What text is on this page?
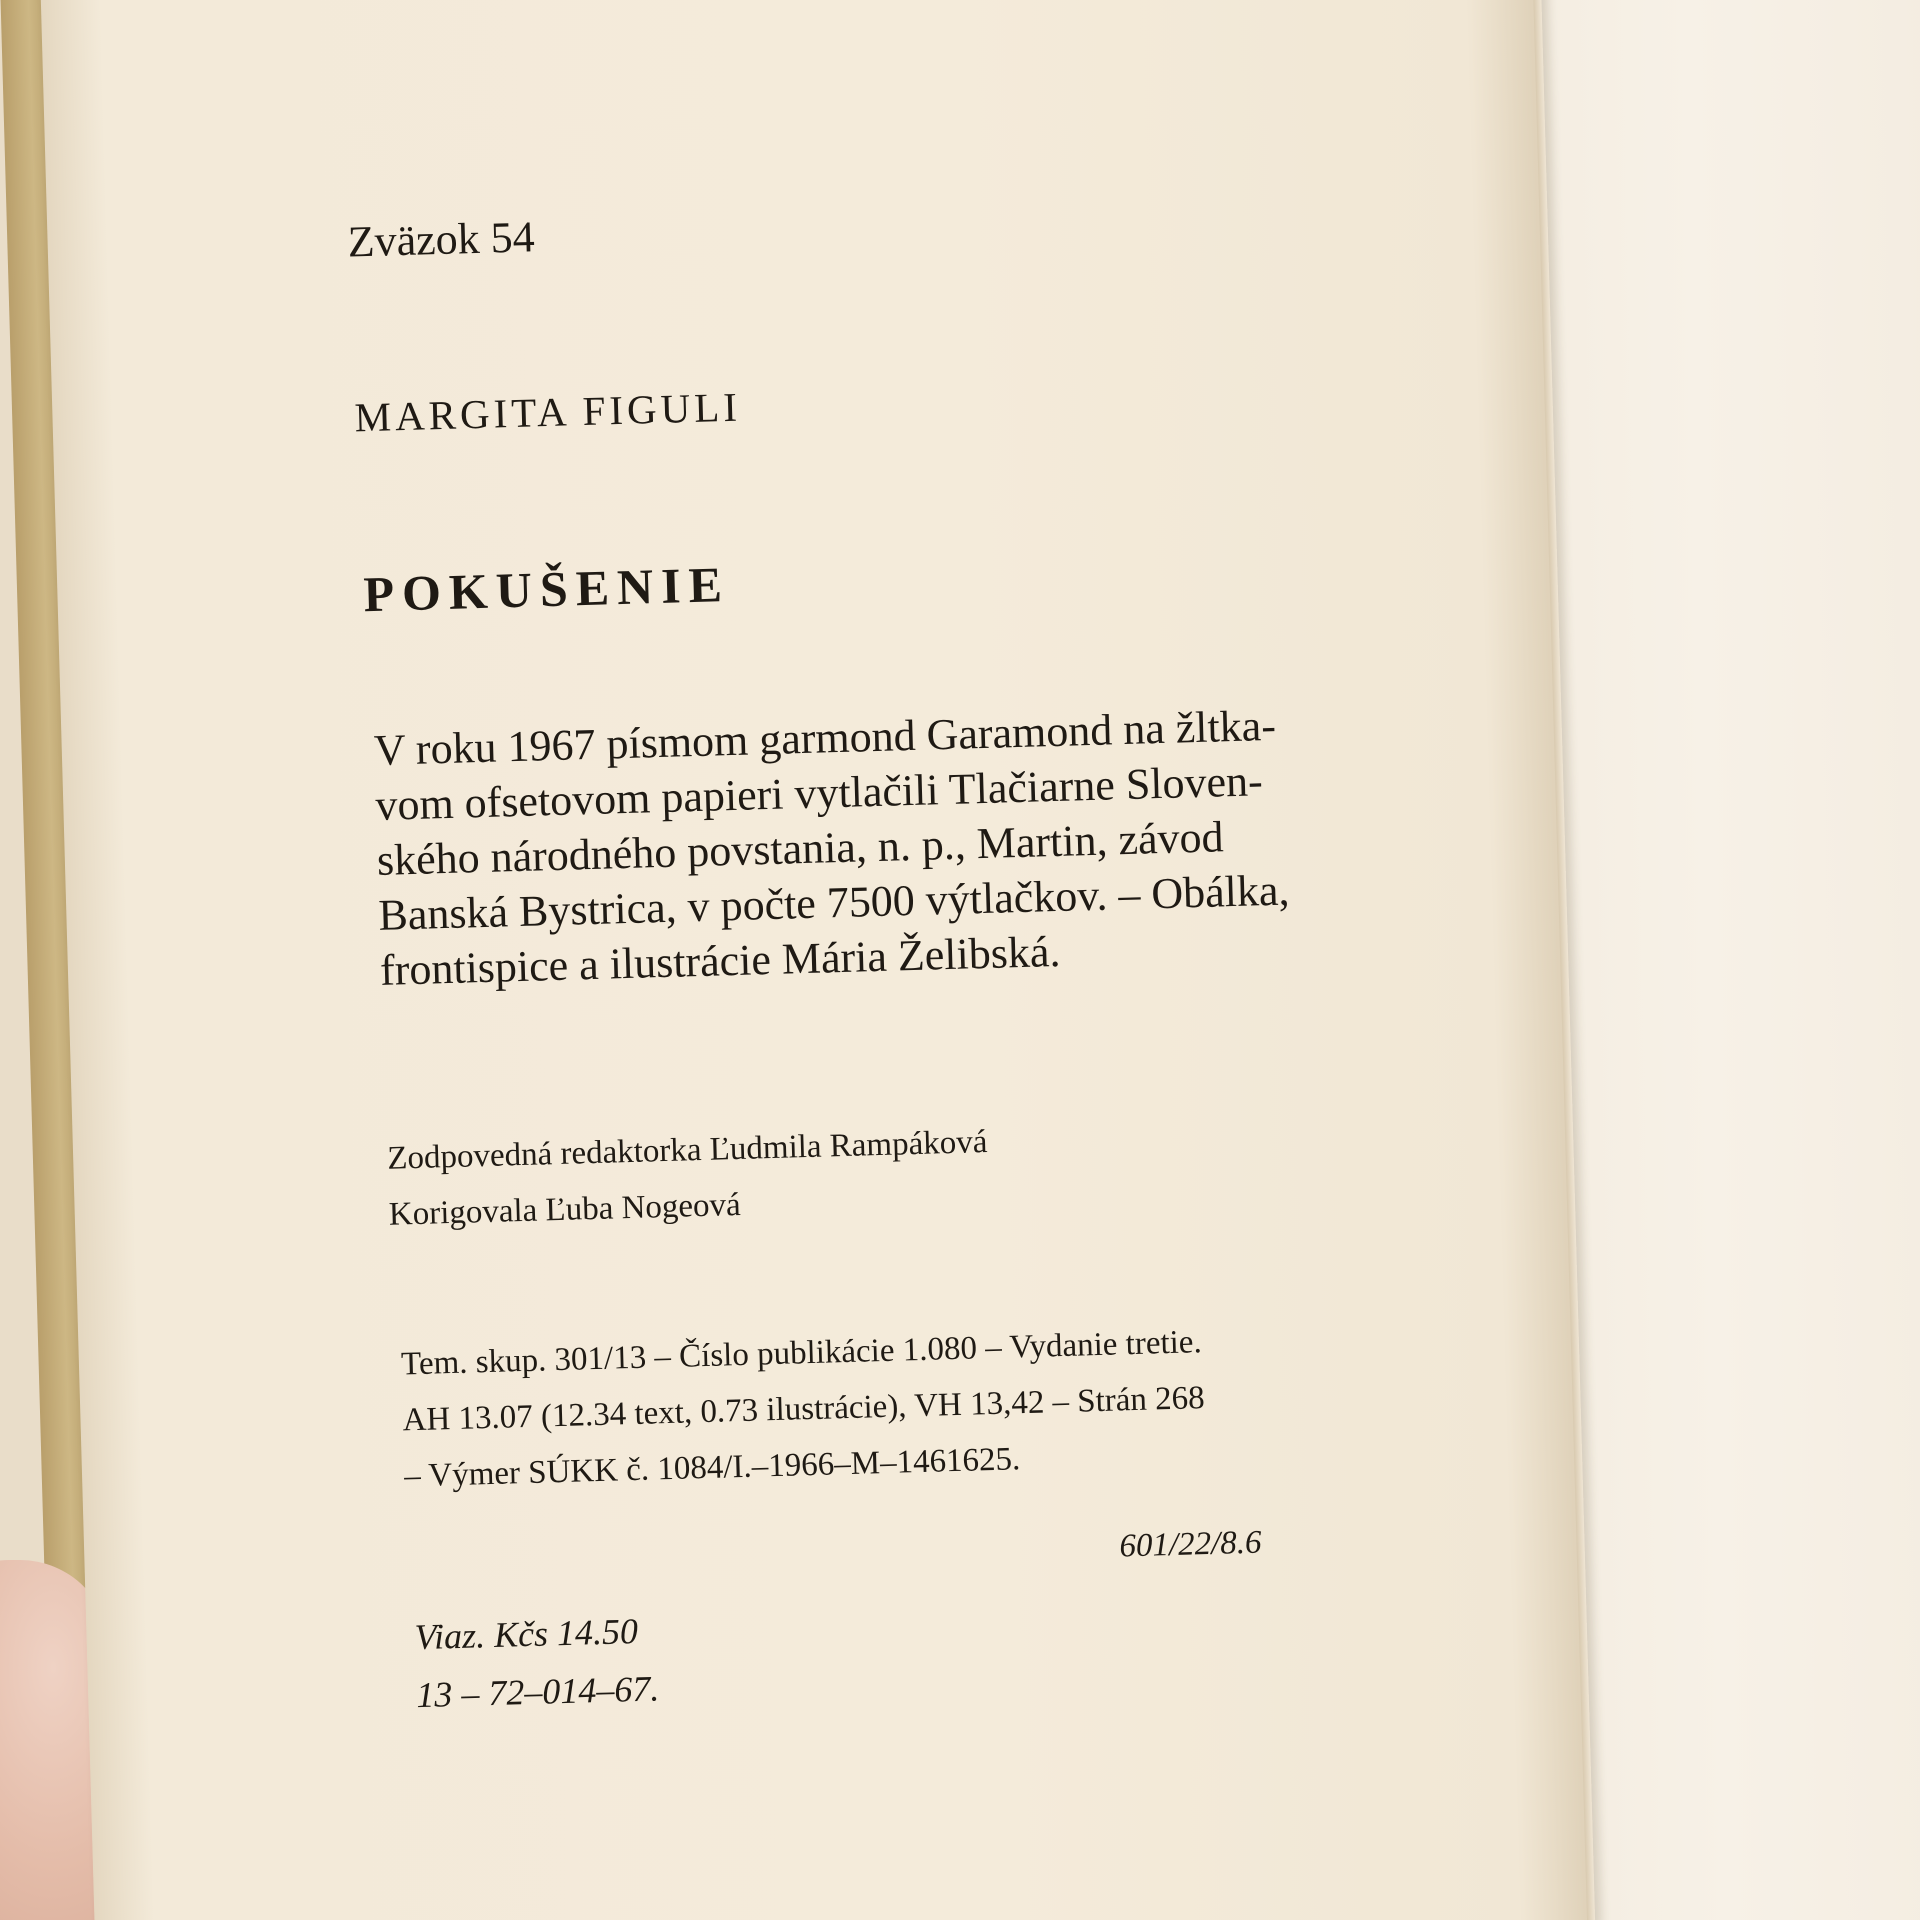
Zväzok 54
MARGITA FIGULI
POKUŠENIE

V roku 1967 písmom garmond Garamond na žltka-

vom ofsetovom papieri vytlačili Tlačiarne Sloven-

ského národného povstania, n. p., Martin, závod

Banská Bystrica, v počte 7500 výtlačkov. – Obálka,

frontispice a ilustrácie Mária Želibská.

Zodpovedná redaktorka Ľudmila Rampáková

Korigovala Ľuba Nogeová

Tem. skup. 301/13 – Číslo publikácie 1.080 – Vydanie tretie.

AH 13.07 (12.34 text, 0.73 ilustrácie), VH 13,42 – Strán 268

– Výmer SÚKK č. 1084/I.–1966–M–1461625.

601/22/8.6

Viaz. Kčs 14.50

13 – 72–014–67.
